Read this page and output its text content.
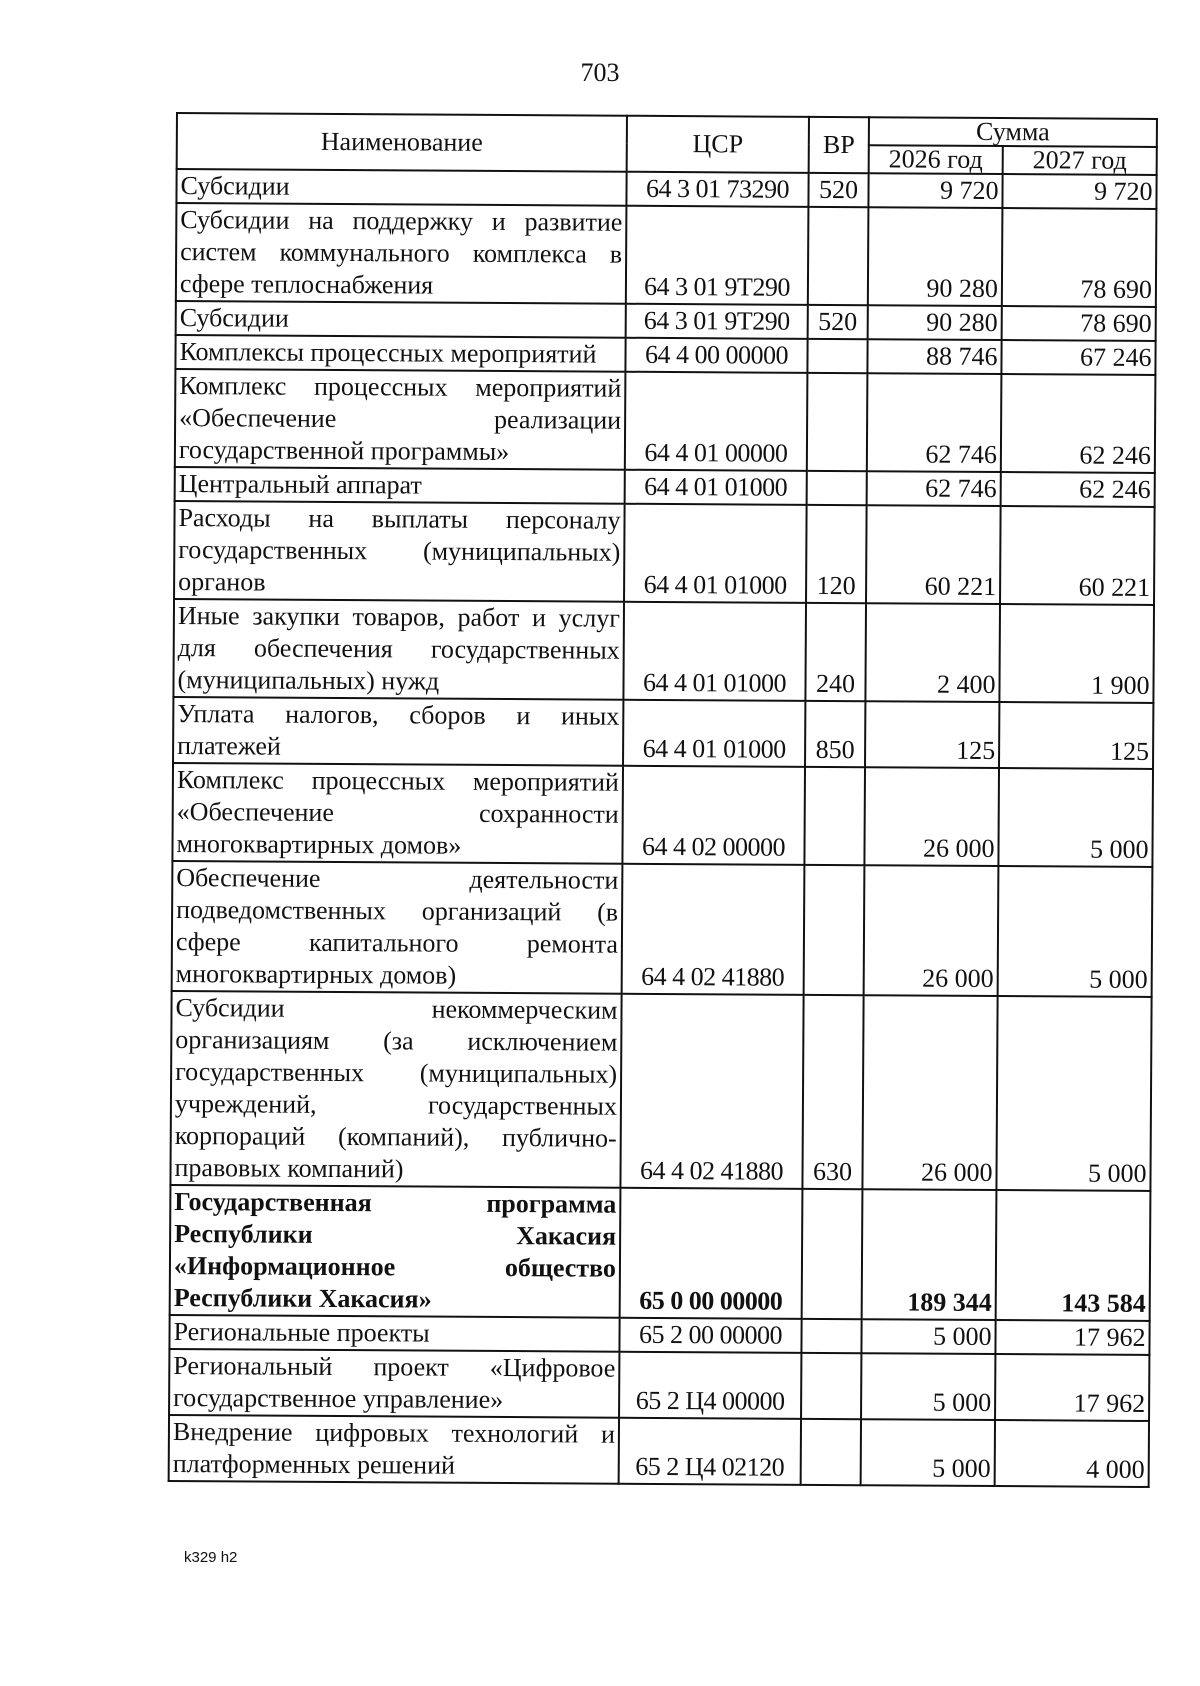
703
Наименование	ЦСР	ВР	Сумма	
			2026 год	2027 год
Субсидии	64 3 01 73290	520	9 720	9 720
Субсидии на поддержку и развитие систем коммунального комплекса в сфере теплоснабжения	64 3 01 9Т290		90 280	78 690
Субсидии	64 3 01 9Т290	520	90 280	78 690
Комплексы процессных мероприятий	64 4 00 00000		88 746	67 246
Комплекс процессных мероприятий «Обеспечение реализации государственной программы»	64 4 01 00000		62 746	62 246
Центральный аппарат	64 4 01 01000		62 746	62 246
Расходы на выплаты персоналу государственных (муниципальных) органов	64 4 01 01000	120	60 221	60 221
Иные закупки товаров, работ и услуг для обеспечения государственных (муниципальных) нужд	64 4 01 01000	240	2 400	1 900
Уплата налогов, сборов и иных платежей	64 4 01 01000	850	125	125
Комплекс процессных мероприятий «Обеспечение сохранности многоквартирных домов»	64 4 02 00000		26 000	5 000
Обеспечение деятельности подведомственных организаций (в сфере капитального ремонта многоквартирных домов)	64 4 02 41880		26 000	5 000
Субсидии некоммерческим организациям (за исключением государственных (муниципальных) учреждений, государственных корпораций (компаний), публично-правовых компаний)	64 4 02 41880	630	26 000	5 000
Государственная программа Республики Хакасия «Информационное общество Республики Хакасия»	65 0 00 00000		189 344	143 584
Региональные проекты	65 2 00 00000		5 000	17 962
Региональный проект «Цифровое государственное управление»	65 2 Ц4 00000		5 000	17 962
Внедрение цифровых технологий и платформенных решений	65 2 Ц4 02120		5 000	4 000
k329 h2
